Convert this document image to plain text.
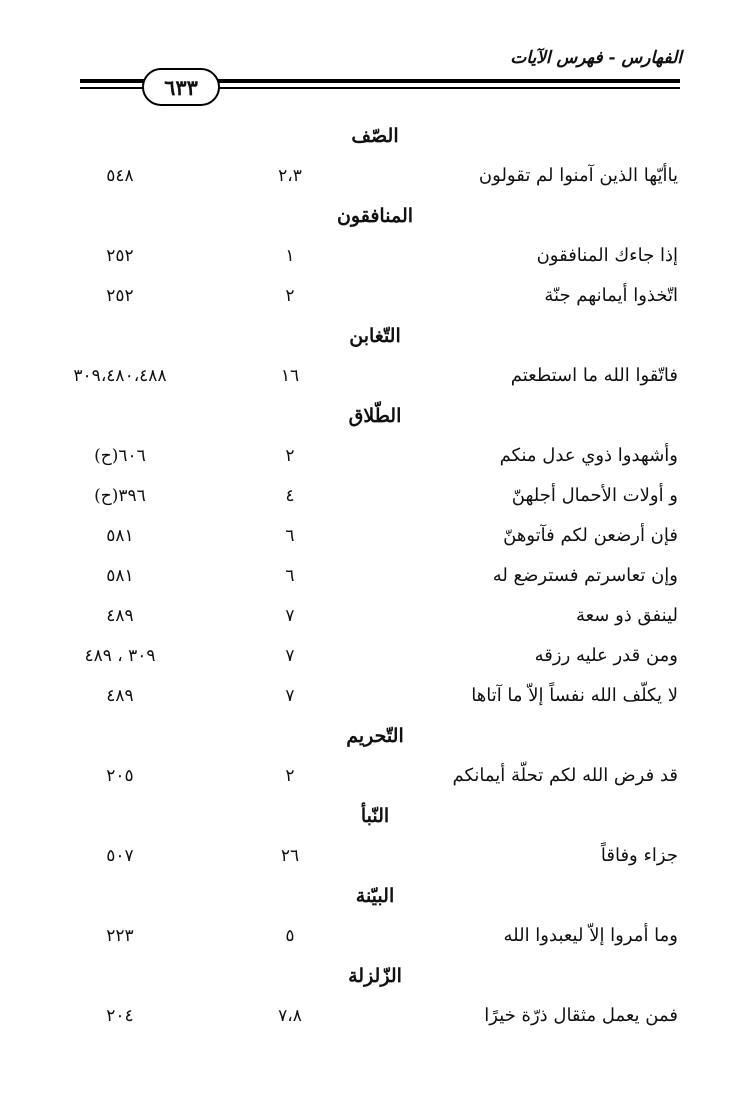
الفهارس - فهرس الآيات
٦٣٣
الصّف
ياأيّها الذين آمنوا لم تقولون
٢،٣
٥٤٨
المنافقون
إذا جاءك المنافقون
١
٢٥٢
اتّخذوا أيمانهم جنّة
٢
٢٥٢
التّغابن
فاتّقوا الله ما استطعتم
١٦
٣٠٩،٤٨٠،٤٨٨
الطّلاق
وأشهدوا ذوي عدل منكم
٢
٦٠٦(ح)
و أولات الأحمال أجلهنّ
٤
٣٩٦(ح)
فإن أرضعن لكم فآتوهنّ
٦
٥٨١
وإن تعاسرتم فسترضع له
٦
٥٨١
لينفق ذو سعة
٧
٤٨٩
ومن قدر عليه رزقه
٧
٣٠٩ ، ٤٨٩
لا يكلّف الله نفساً إلاّ ما آتاها
٧
٤٨٩
التّحريم
قد فرض الله لكم تحلّة أيمانكم
٢
٢٠٥
النّبأ
جزاء وفاقاً
٢٦
٥٠٧
البيّنة
وما أمروا إلاّ ليعبدوا الله
٥
٢٢٣
الزّلزلة
فمن يعمل مثقال ذرّة خيرًا
٧،٨
٢٠٤
